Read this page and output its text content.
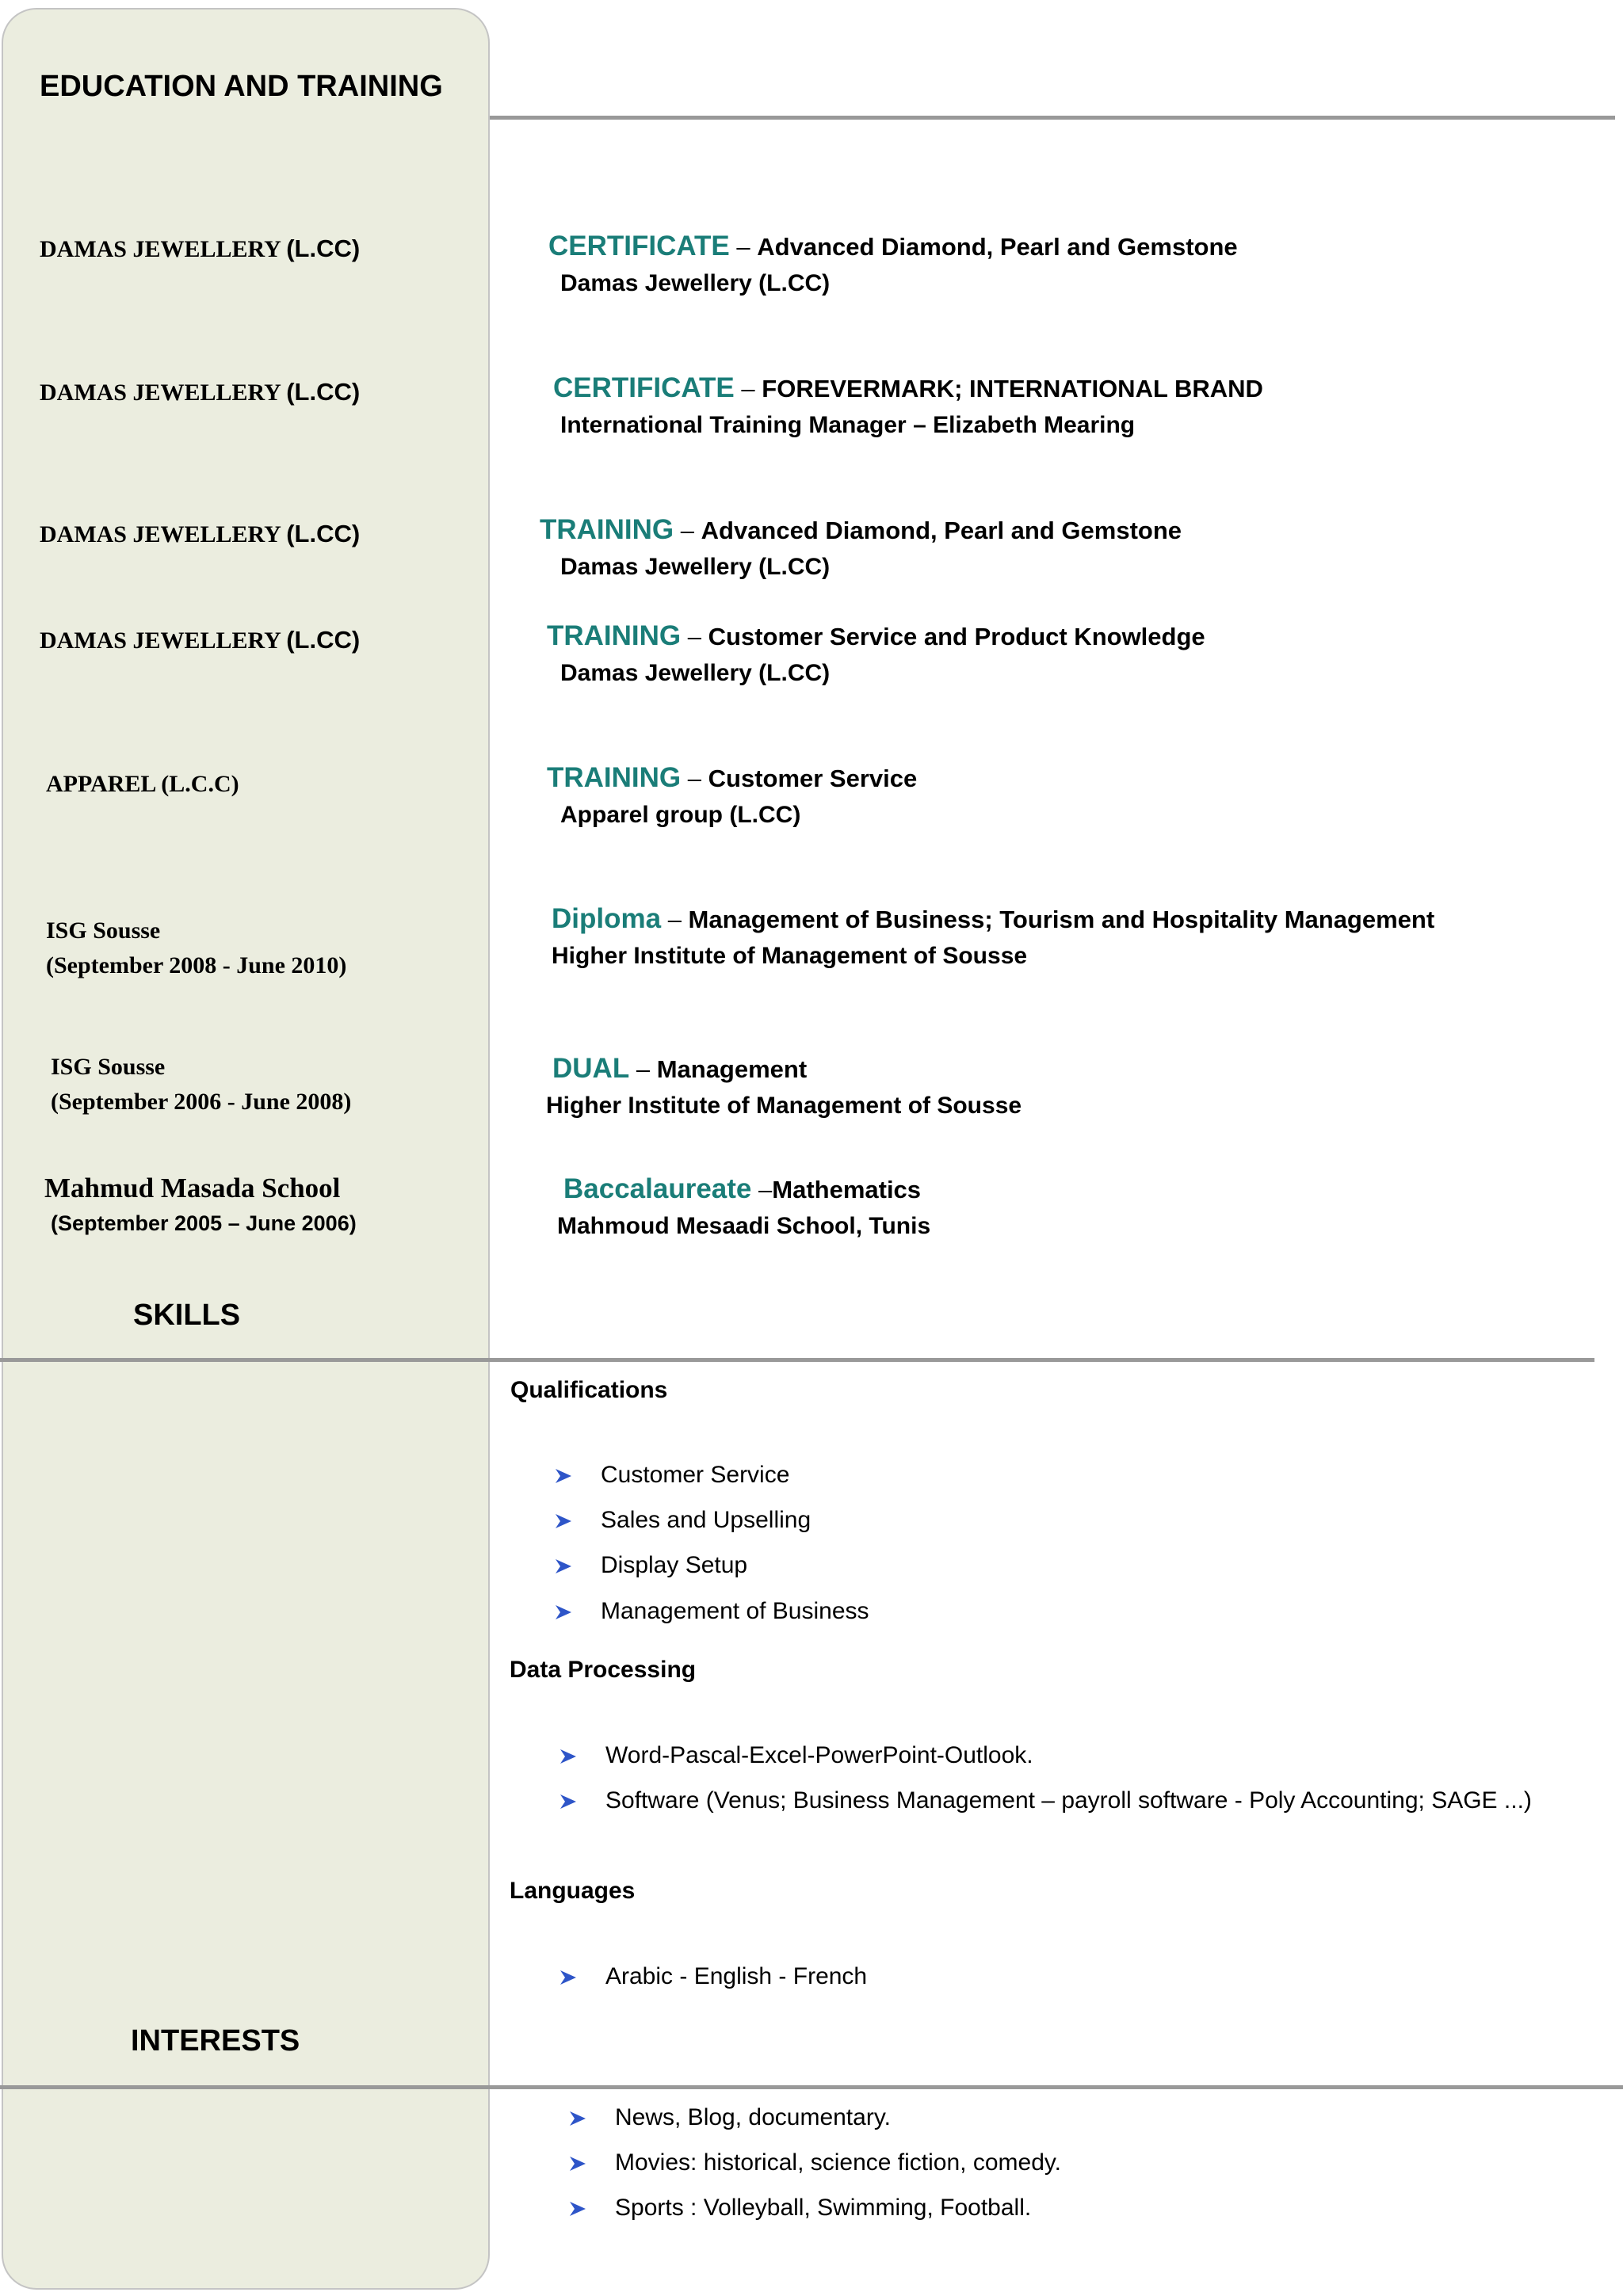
EDUCATION AND TRAINING
DAMAS JEWELLERY (L.CC)
DAMAS JEWELLERY (L.CC)
DAMAS JEWELLERY (L.CC)
DAMAS JEWELLERY (L.CC)
APPAREL (L.C.C)
ISG Sousse
(September 2008 - June 2010)
ISG Sousse
(September 2006 - June 2008)
Mahmud Masada School
(September 2005 – June 2006)
CERTIFICATE – Advanced Diamond, Pearl and Gemstone
Damas Jewellery (L.CC)
CERTIFICATE – FOREVERMARK; INTERNATIONAL BRAND
International Training Manager – Elizabeth Mearing
TRAINING – Advanced Diamond, Pearl and Gemstone
Damas Jewellery (L.CC)
TRAINING – Customer Service and Product Knowledge
Damas Jewellery (L.CC)
TRAINING – Customer Service
Apparel group (L.CC)
Diploma – Management of Business; Tourism and Hospitality Management
Higher Institute of Management of Sousse
DUAL – Management
Higher Institute of Management of Sousse
Baccalaureate –Mathematics
Mahmoud Mesaadi School, Tunis
SKILLS
Qualifications
Customer Service
Sales and Upselling
Display Setup
Management of Business
Data Processing
Word-Pascal-Excel-PowerPoint-Outlook.
Software (Venus; Business Management – payroll software - Poly Accounting; SAGE ...)
Languages
Arabic - English - French
INTERESTS
News, Blog, documentary.
Movies: historical, science fiction, comedy.
Sports : Volleyball, Swimming, Football.
